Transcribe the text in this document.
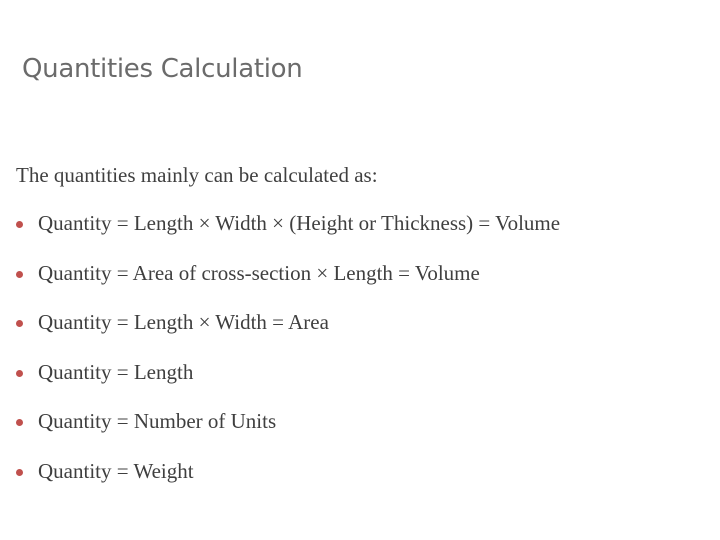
Quantities Calculation

The quantities mainly can be calculated as:

Quantity = Length × Width × (Height or Thickness) = Volume
Quantity = Area of cross-section × Length = Volume
Quantity = Length × Width = Area
Quantity = Length
Quantity = Number of Units
Quantity = Weight
